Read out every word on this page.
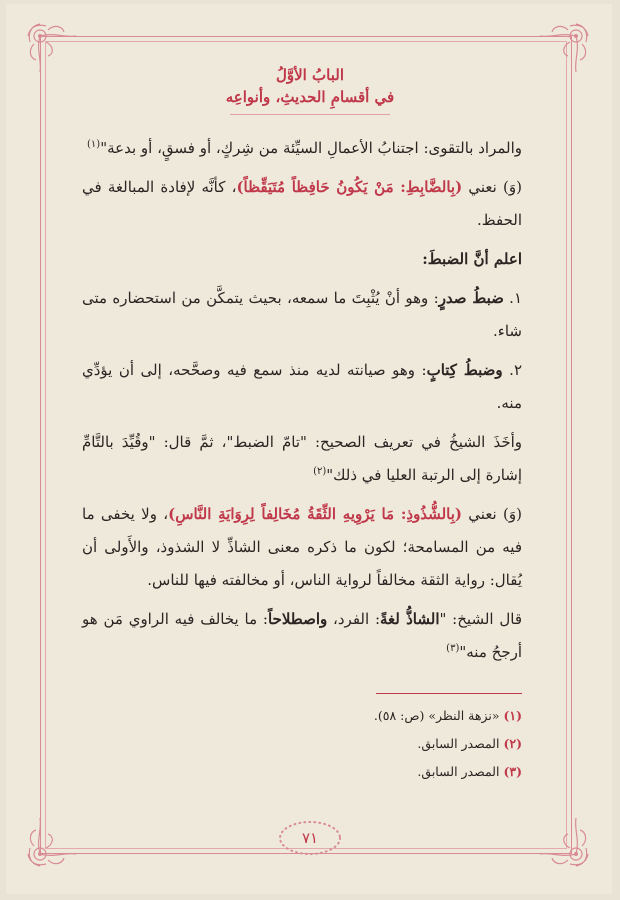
البابُ الأوَّلُ
في أقسامِ الحديثِ، وأنواعِه

والمراد بالتقوى: اجتنابُ الأعمالِ السيِّئة من شِركٍ، أو فسقٍ، أو بدعة"$^{(١)}$

(وَ) نعني (بِالضَّابِطِ: مَنْ يَكُونُ حَافِظاً مُتَيَقِّظاً)، كأنَّه لإفادة المبالغة في الحفظ.

اعلم أنَّ الضبطَ:

١. ضبطُ صدرٍ: وهو أنْ يُثْبِتَ ما سمعه، بحيث يتمكَّن من استحضاره متى شاء.

٢. وضبطُ كِتابٍ: وهو صيانته لديه منذ سمع فيه وصحَّحه، إلى أن يؤدِّي منه.

وأخَذَ الشيخُ في تعريف الصحيح: "تامّ الضبط"، ثمَّ قال: "وقُيِّدَ بالتَّامِّ إشارة إلى الرتبة العليا في ذلك"$^{(٢)}$

(وَ) نعني (بِالشُّذُوذِ: مَا يَرْوِيهِ الثِّقَةُ مُخَالِفاً لِرِوَايَةِ النَّاسِ)، ولا يخفى ما فيه من المسامحة؛ لكون ما ذكره معنى الشاذِّ لا الشذوذ، والأَولى أن يُقال: رواية الثقة مخالفاً لرواية الناس، أو مخالفته فيها للناس.

قال الشيخ: "الشاذُّ لغةً: الفرد، واصطلاحاً: ما يخالف فيه الراوي مَن هو أرجحُ منه"$^{(٣)}$

(١) «نزهة النظر» (ص: ٥٨).
(٢) المصدر السابق.
(٣) المصدر السابق.
٧١
